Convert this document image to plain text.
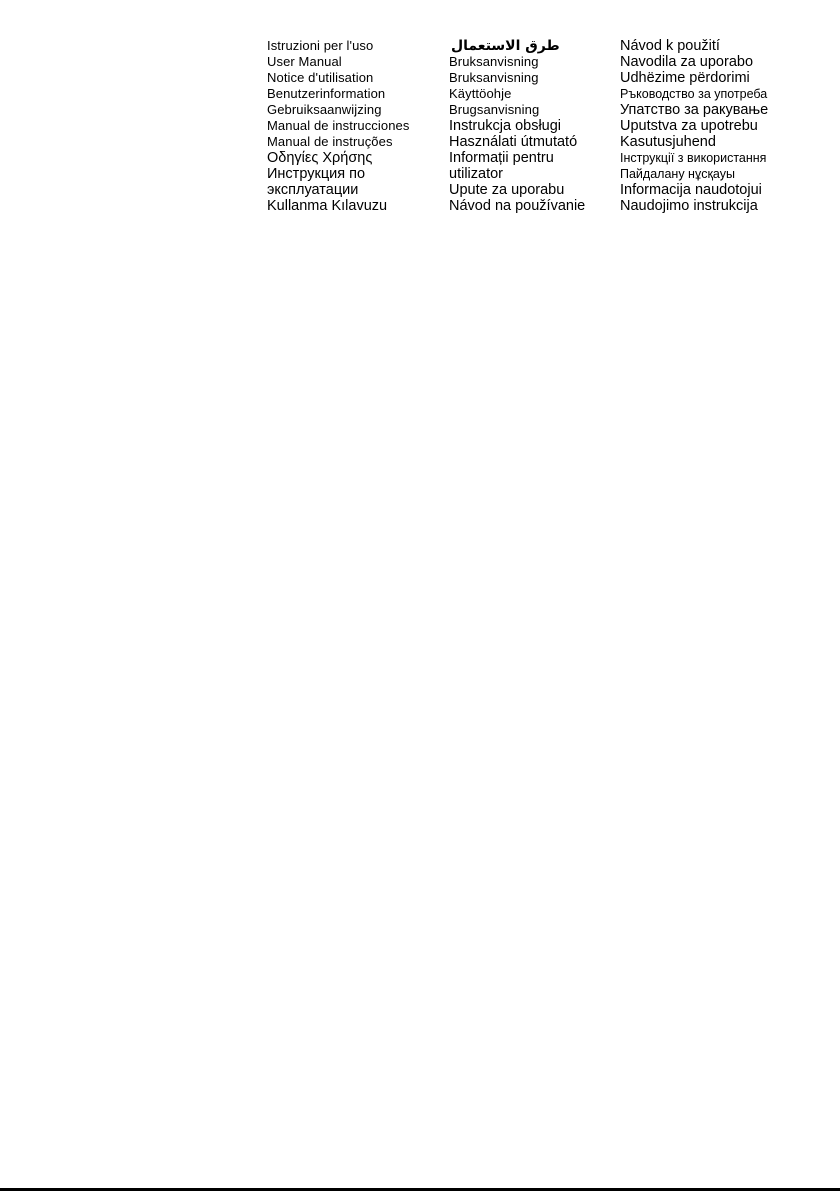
Istruzioni per l'uso
User Manual
Notice d'utilisation
Benutzerinformation
Gebruiksaanwijzing
Manual de instrucciones
Manual de instruções
Οδηγίες Χρήσης
Инструкция по
эксплуатации
Kullanma Kılavuzu
طرق الاستعمال
Bruksanvisning
Bruksanvisning
Käyttöohje
Brugsanvisning
Instrukcja obsługi
Használati útmutató
Informații pentru
utilizator
Upute za uporabu
Návod na používanie
Návod k použití
Navodila za uporabo
Udhëzime përdorimi
Ръководство за употреба
Упатство за ракување
Uputstva za upotrebu
Kasutusjuhend
Інструкції з використання
Пайдалану нұсқауы
Informacija naudotojui
Naudojimo instrukcija
